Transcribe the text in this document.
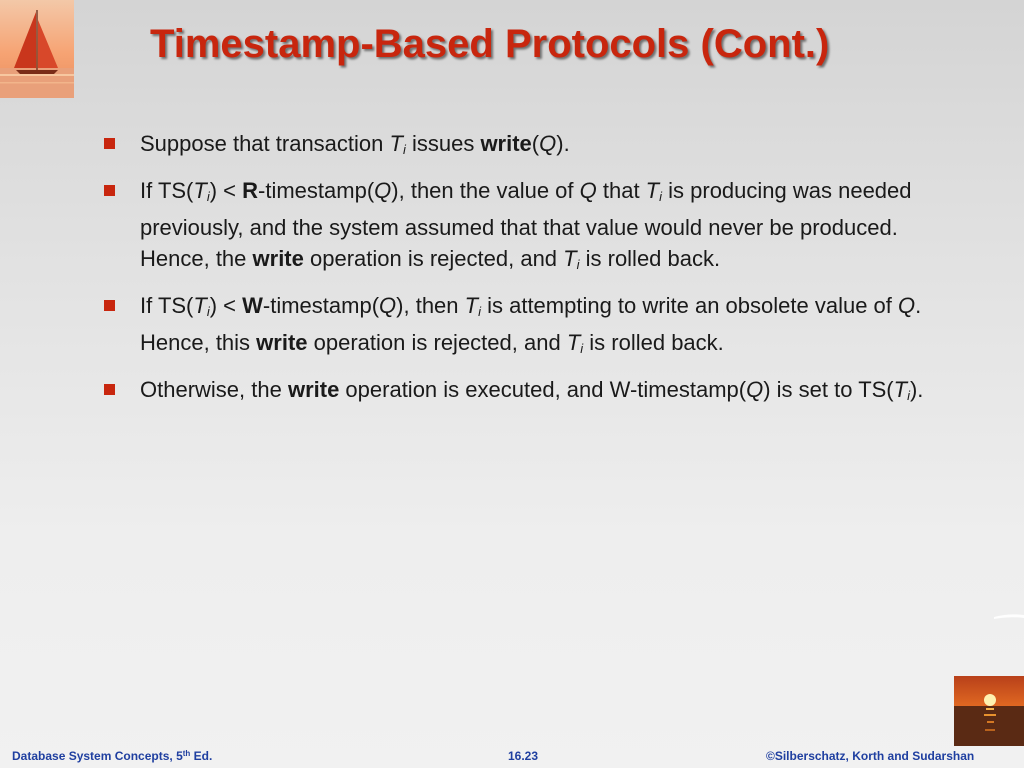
Timestamp-Based Protocols (Cont.)
Suppose that transaction $T_i$ issues write(Q).
If $TS(T_i)$ < R-timestamp(Q), then the value of Q that $T_i$ is producing was needed previously, and the system assumed that that value would never be produced. Hence, the write operation is rejected, and $T_i$ is rolled back.
If $TS(T_i)$ < W-timestamp(Q), then $T_i$ is attempting to write an obsolete value of Q. Hence, this write operation is rejected, and $T_i$ is rolled back.
Otherwise, the write operation is executed, and W-timestamp(Q) is set to $TS(T_i)$.
Database System Concepts, 5th Ed.	16.23	©Silberschatz, Korth and Sudarshan
